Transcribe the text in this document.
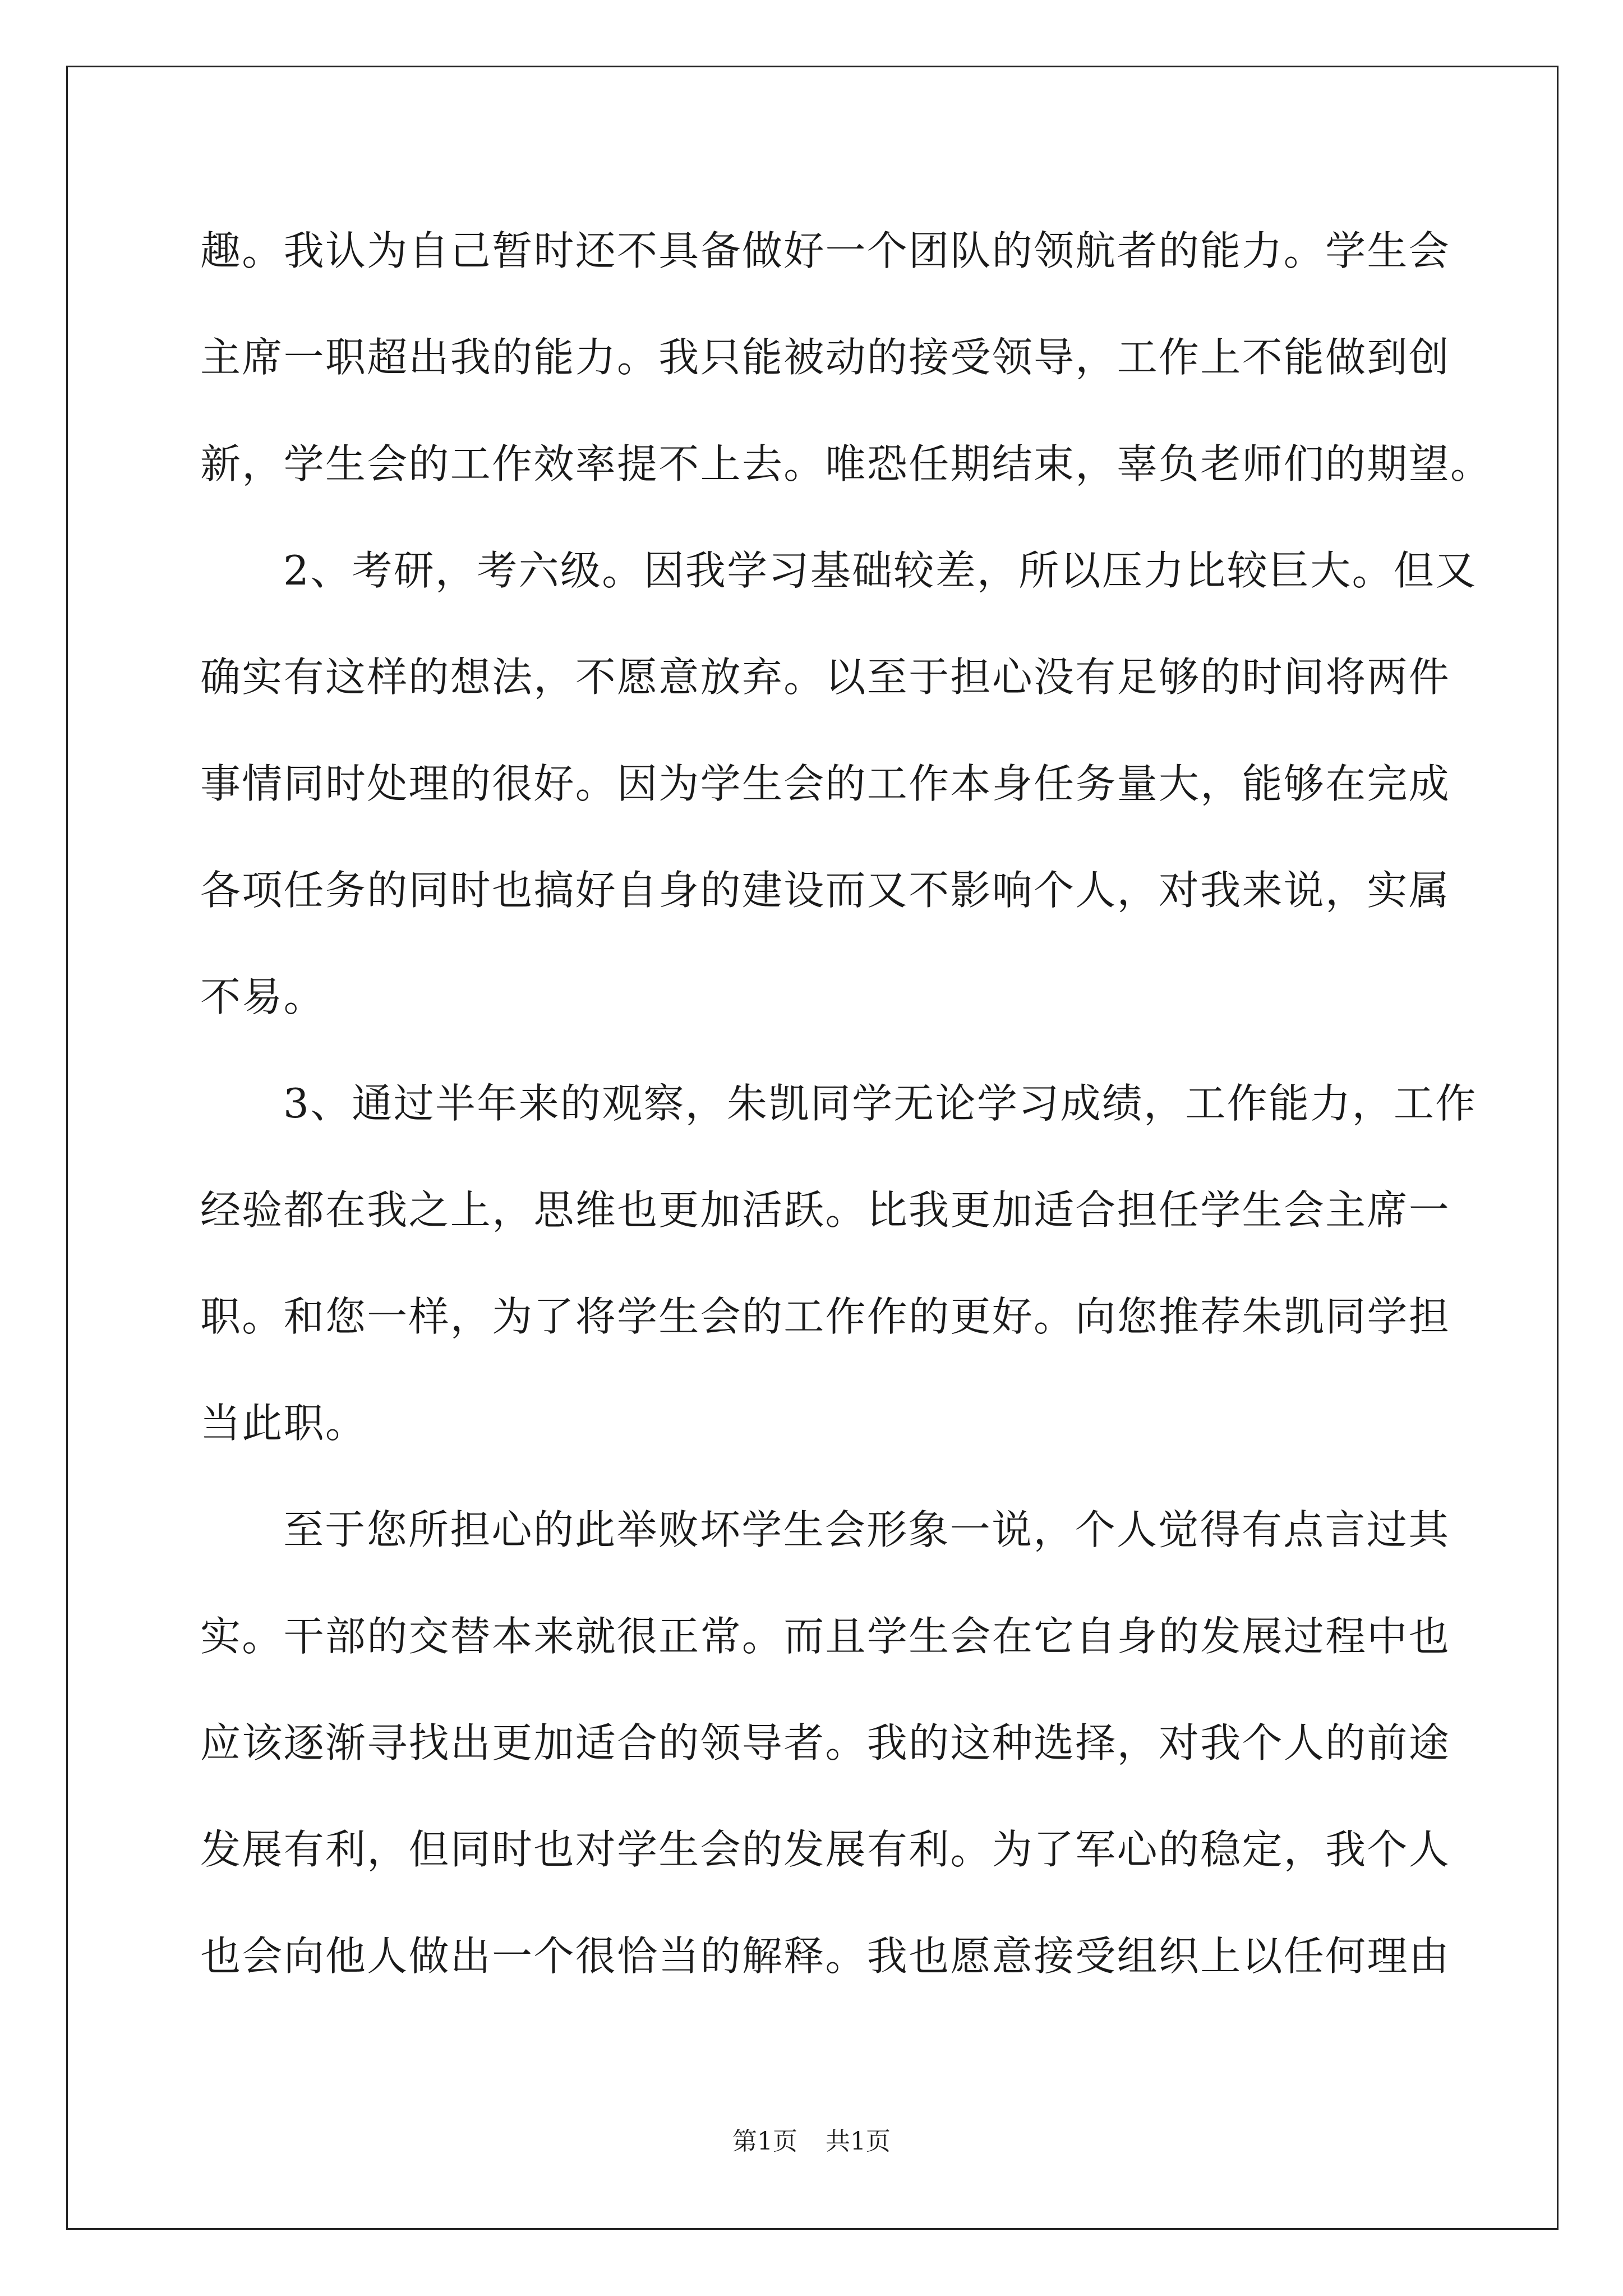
趣。我认为自己暂时还不具备做好一个团队的领航者的能力。学生会
主席一职超出我的能力。我只能被动的接受领导，工作上不能做到创
新，学生会的工作效率提不上去。唯恐任期结束，辜负老师们的期望。
2、考研，考六级。因我学习基础较差，所以压力比较巨大。但又
确实有这样的想法，不愿意放弃。以至于担心没有足够的时间将两件
事情同时处理的很好。因为学生会的工作本身任务量大，能够在完成
各项任务的同时也搞好自身的建设而又不影响个人，对我来说，实属
不易。
3、通过半年来的观察，朱凯同学无论学习成绩，工作能力，工作
经验都在我之上，思维也更加活跃。比我更加适合担任学生会主席一
职。和您一样，为了将学生会的工作作的更好。向您推荐朱凯同学担
当此职。
至于您所担心的此举败坏学生会形象一说，个人觉得有点言过其
实。干部的交替本来就很正常。而且学生会在它自身的发展过程中也
应该逐渐寻找出更加适合的领导者。我的这种选择，对我个人的前途
发展有利，但同时也对学生会的发展有利。为了军心的稳定，我个人
也会向他人做出一个很恰当的解释。我也愿意接受组织上以任何理由
第1页 共1页
